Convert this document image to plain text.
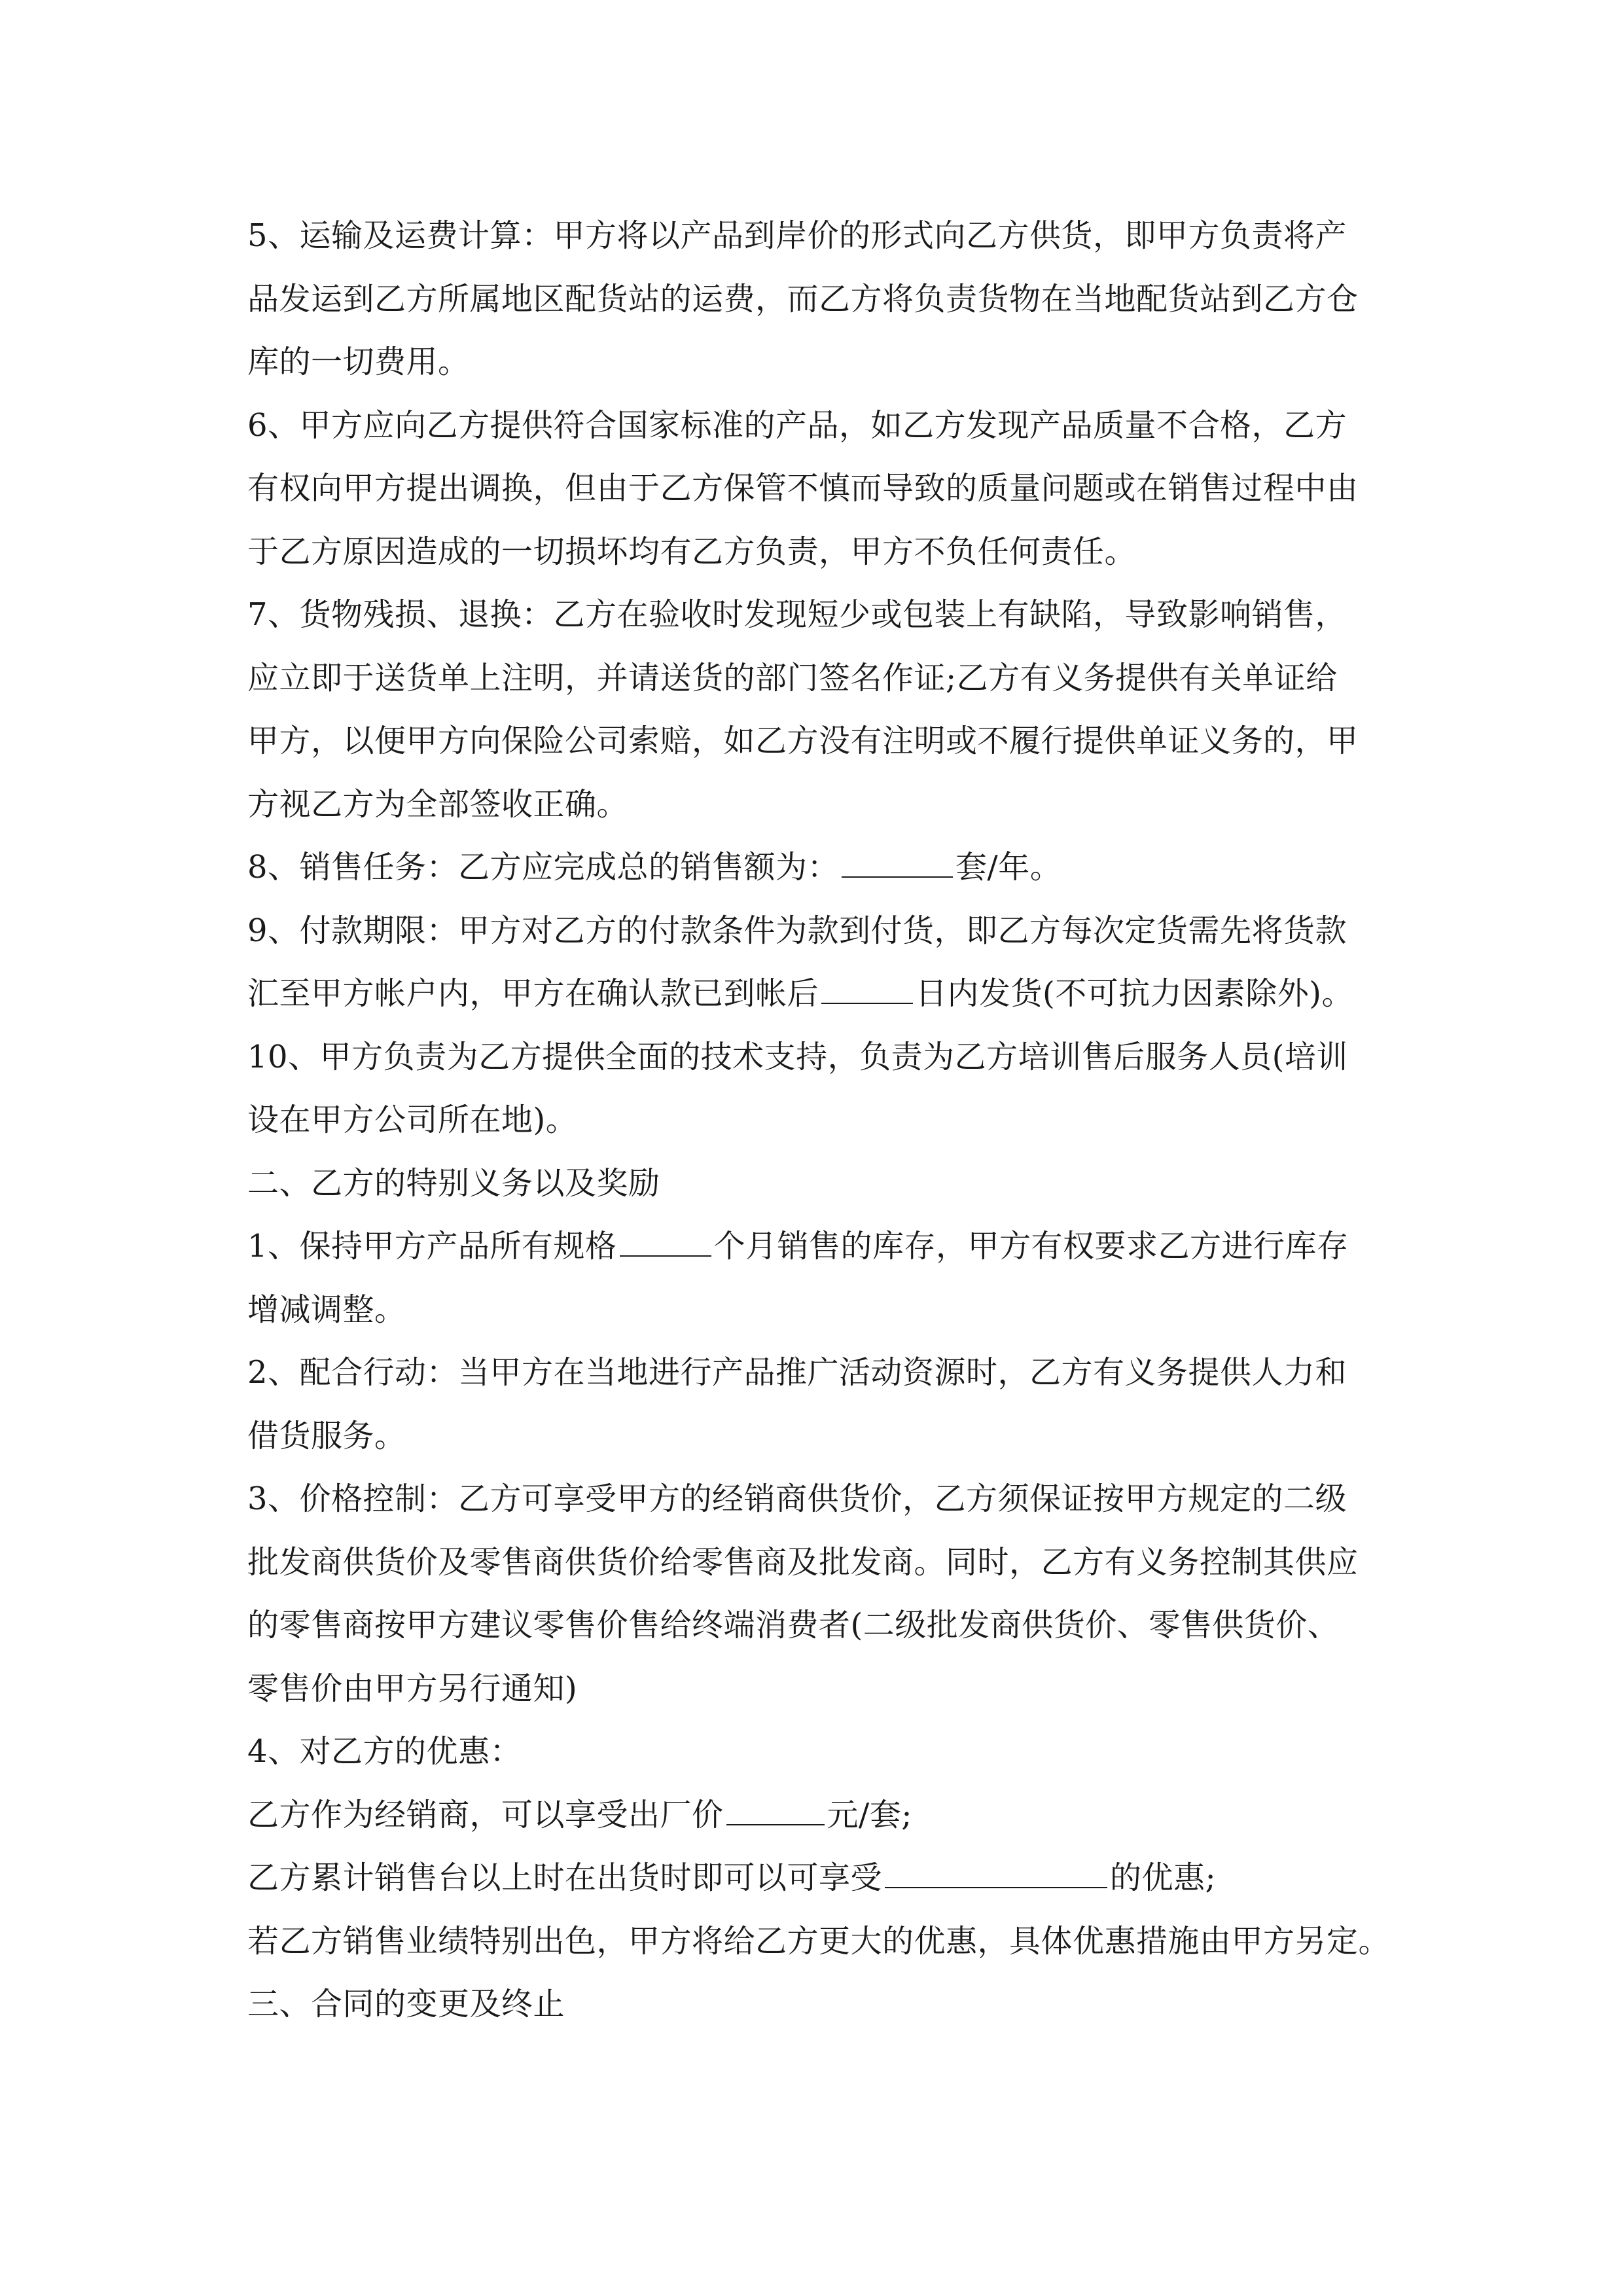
5、运输及运费计算：甲方将以产品到岸价的形式向乙方供货，即甲方负责将产
品发运到乙方所属地区配货站的运费，而乙方将负责货物在当地配货站到乙方仓
库的一切费用。
6、甲方应向乙方提供符合国家标准的产品，如乙方发现产品质量不合格，乙方
有权向甲方提出调换，但由于乙方保管不慎而导致的质量问题或在销售过程中由
于乙方原因造成的一切损坏均有乙方负责，甲方不负任何责任。
7、货物残损、退换：乙方在验收时发现短少或包装上有缺陷，导致影响销售，
应立即于送货单上注明，并请送货的部门签名作证;乙方有义务提供有关单证给
甲方，以便甲方向保险公司索赔，如乙方没有注明或不履行提供单证义务的，甲
方视乙方为全部签收正确。
8、销售任务：乙方应完成总的销售额为：	套/年。
9、付款期限：甲方对乙方的付款条件为款到付货，即乙方每次定货需先将货款
汇至甲方帐户内，甲方在确认款已到帐后	日内发货(不可抗力因素除外)。
10、甲方负责为乙方提供全面的技术支持，负责为乙方培训售后服务人员(培训
设在甲方公司所在地)。
二、乙方的特别义务以及奖励
1、保持甲方产品所有规格	个月销售的库存，甲方有权要求乙方进行库存
增减调整。
2、配合行动：当甲方在当地进行产品推广活动资源时，乙方有义务提供人力和
借货服务。
3、价格控制：乙方可享受甲方的经销商供货价，乙方须保证按甲方规定的二级
批发商供货价及零售商供货价给零售商及批发商。同时，乙方有义务控制其供应
的零售商按甲方建议零售价售给终端消费者(二级批发商供货价、零售供货价、
零售价由甲方另行通知)
4、对乙方的优惠：
乙方作为经销商，可以享受出厂价	元/套;
乙方累计销售台以上时在出货时即可以可享受	的优惠;
若乙方销售业绩特别出色，甲方将给乙方更大的优惠，具体优惠措施由甲方另定。
三、合同的变更及终止
